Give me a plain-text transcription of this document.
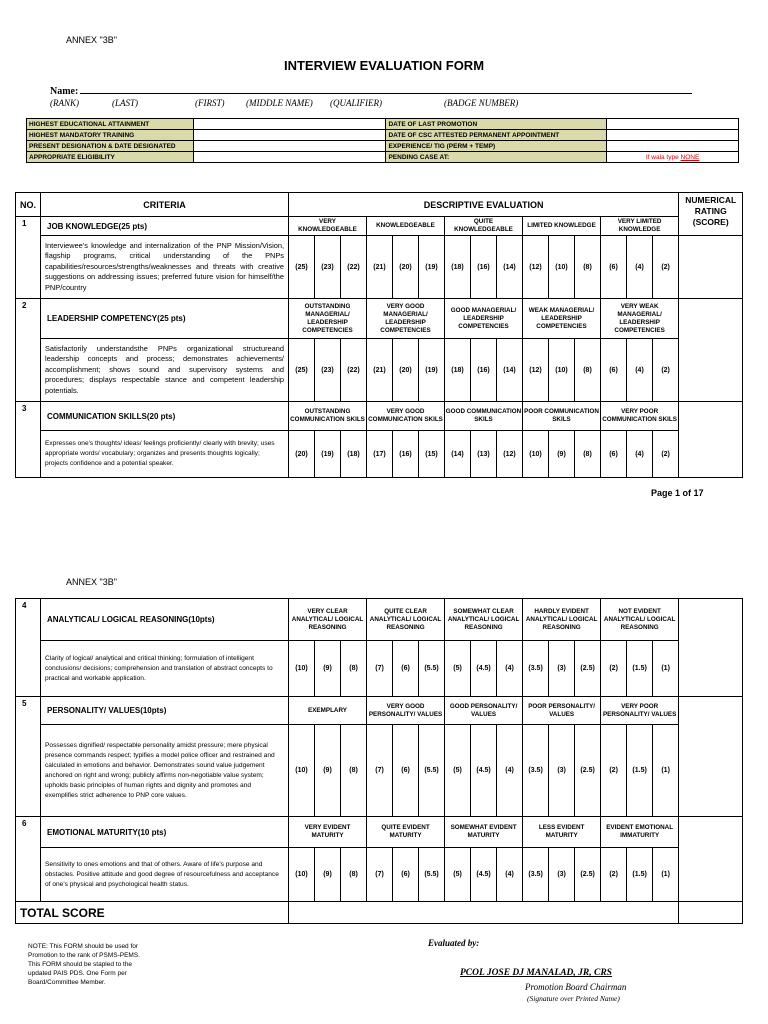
ANNEX "3B"
INTERVIEW EVALUATION FORM
Name:
(RANK)	(LAST)	(FIRST) (MIDDLE NAME) (QUALIFIER)	(BADGE NUMBER)
HIGHEST EDUCATIONAL ATTAINMENT		DATE OF LAST PROMOTION	
HIGHEST MANDATORY TRAINING		DATE OF CSC ATTESTED PERMANENT APPOINTMENT	
PRESENT DESIGNATION & DATE DESIGNATED		EXPERIENCE/ TIG (PERM + TEMP)	
APPROPRIATE ELIGIBILITY		PENDING CASE AT:	If wala type NONE
NO.	CRITERIA	DESCRIPTIVE EVALUATION															NUMERICAL RATING (SCORE)
1	JOB KNOWLEDGE(25 pts)	VERY KNOWLEDGEABLE			KNOWLEDGEABLE			QUITE KNOWLEDGEABLE			LIMITED KNOWLEDGE			VERY LIMITED KNOWLEDGE			
	Interviewee's knowledge and internalization of the PNP Mission/Vision, flagship programs, critical understanding of the PNPs capabilities/resources/strengths/weaknesses and threats with creative suggestions on addressing issues; preferred future vision for himself/the PNP/country	(25)	(23)	(22)	(21)	(20)	(19)	(18)	(16)	(14)	(12)	(10)	(8)	(6)	(4)	(2)	
2	LEADERSHIP COMPETENCY(25 pts)	OUTSTANDING MANAGERIAL/ LEADERSHIP COMPETENCIES			VERY GOOD MANAGERIAL/ LEADERSHIP COMPETENCIES			GOOD MANAGERIAL/ LEADERSHIP COMPETENCIES			WEAK MANAGERIAL/ LEADERSHIP COMPETENCIES			VERY WEAK MANAGERIAL/ LEADERSHIP COMPETENCIES			
	Satisfactorily understandsthe PNPs organizational structureand leadership concepts and process; demonstrates achievements/ accomplishment; shows sound and supervisory systems and procedures; displays respectable stance and competent leadership potentials.	(25)	(23)	(22)	(21)	(20)	(19)	(18)	(16)	(14)	(12)	(10)	(8)	(6)	(4)	(2)	
3	COMMUNICATION SKILLS(20 pts)	OUTSTANDING COMMUNICATION SKILS			VERY GOOD COMMUNICATION SKILS			GOOD COMMUNICATION SKILS			POOR COMMUNICATION SKILS			VERY POOR COMMUNICATION SKILS			
	Expresses one's thoughts/ ideas/ feelings proficiently/ clearly with brevity; uses appropriate words/ vocabulary; organizes and presents thoughts logically; projects confidence and a potential speaker.	(20)	(19)	(18)	(17)	(16)	(15)	(14)	(13)	(12)	(10)	(9)	(8)	(6)	(4)	(2)	
4	ANALYTICAL/ LOGICAL REASONING(10pts)	VERY CLEAR ANALYTICAL/ LOGICAL REASONING			QUITE CLEAR ANALYTICAL/ LOGICAL REASONING			SOMEWHAT CLEAR ANALYTICAL/ LOGICAL REASONING			HARDLY EVIDENT ANALYTICAL/ LOGICAL REASONING			NOT EVIDENT ANALYTICAL/ LOGICAL REASONING			
	Clarity of logical/ analytical and critical thinking; formulation of intelligent conclusions/ decisions; comprehension and translation of abstract concepts to practical and workable application.	(10)	(9)	(8)	(7)	(6)	(5.5)	(5)	(4.5)	(4)	(3.5)	(3)	(2.5)	(2)	(1.5)	(1)	
5	PERSONALITY/ VALUES(10pts)	EXEMPLARY			VERY GOOD PERSONALITY/ VALUES			GOOD PERSONALITY/ VALUES			POOR PERSONALITY/ VALUES			VERY POOR PERSONALITY/ VALUES			
	Possesses dignified/ respectable personality amidst pressure; mere physical presence commands respect; typifies a model police officer and restrained and calculated in emotions and behavior. Demonstrates sound value judgement anchored on right and wrong; publicly affirms non-negotiable value system; upholds basic principles of human rights and dignity and promotes and exemplifies strict adherence to PNP core values.	(10)	(9)	(8)	(7)	(6)	(5.5)	(5)	(4.5)	(4)	(3.5)	(3)	(2.5)	(2)	(1.5)	(1)	
6	EMOTIONAL MATURITY(10 pts)	VERY EVIDENT MATURITY			QUITE EVIDENT MATURITY			SOMEWHAT EVIDENT MATURITY			LESS EVIDENT MATURITY			EVIDENT EMOTIONAL IMMATURITY			
	Sensitivity to ones emotions and that of others. Aware of life's purpose and obstacles. Positive attitude and good degree of resourcefulness and acceptance of one's physical and psychological health status.	(10)	(9)	(8)	(7)	(6)	(5.5)	(5)	(4.5)	(4)	(3.5)	(3)	(2.5)	(2)	(1.5)	(1)	
TOTAL SCORE																	
Page 1 of 17
ANNEX "3B"
NOTE: This FORM should be used for Promotion to the rank of PSMS-PEMS. This FORM should be stapled to the updated PAIS PDS. One Form per Board/Committee Member.
Evaluated by:
PCOL JOSE DJ MANALAD, JR, CRS
Promotion Board Chairman
(Signature over Printed Name)
